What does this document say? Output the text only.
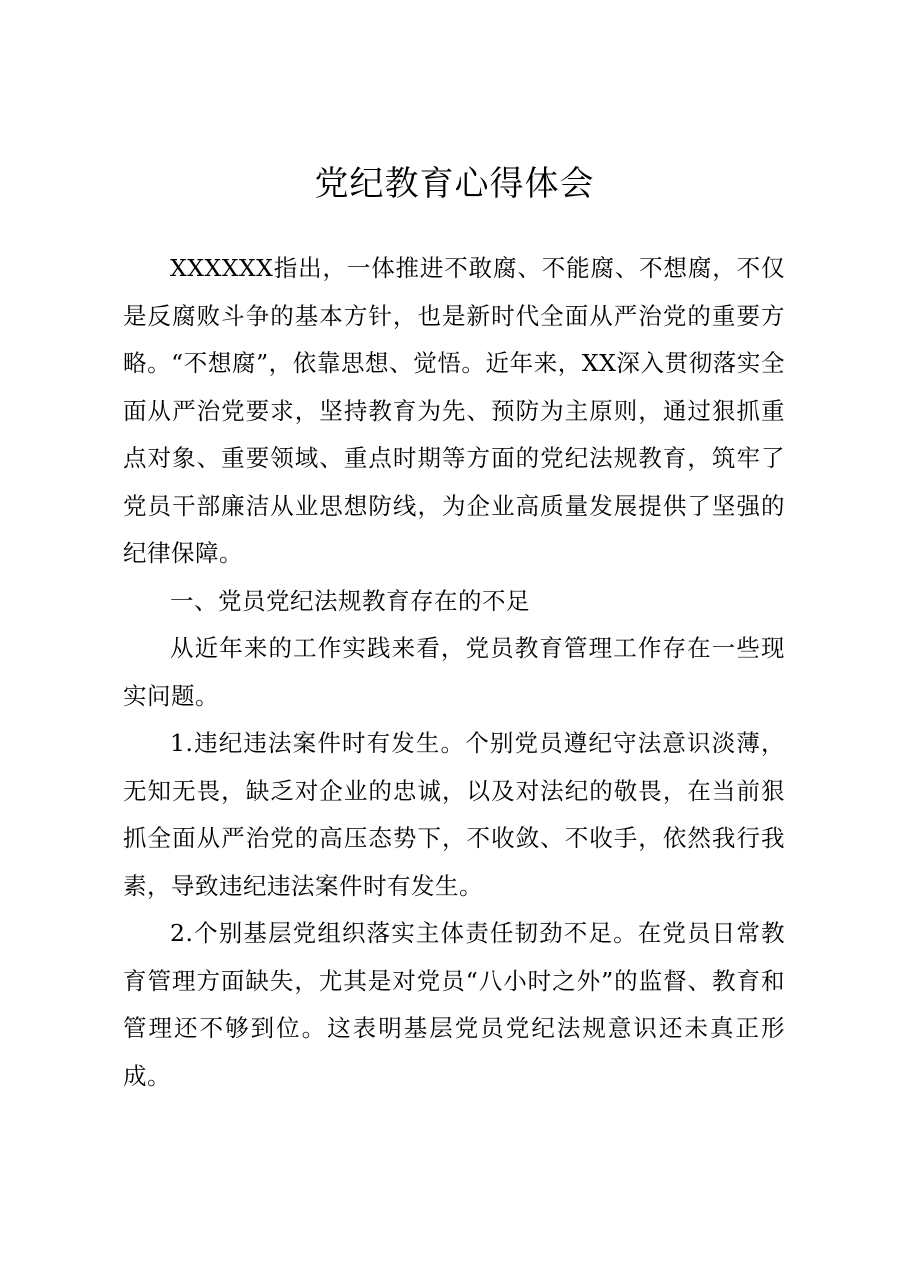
党纪教育心得体会

XXXXXX指出，一体推进不敢腐、不能腐、不想腐，不仅是反腐败斗争的基本方针，也是新时代全面从严治党的重要方略。“不想腐”，依靠思想、觉悟。近年来，XX深入贯彻落实全面从严治党要求，坚持教育为先、预防为主原则，通过狠抓重点对象、重要领域、重点时期等方面的党纪法规教育，筑牢了党员干部廉洁从业思想防线，为企业高质量发展提供了坚强的纪律保障。

一、党员党纪法规教育存在的不足

从近年来的工作实践来看，党员教育管理工作存在一些现实问题。

1.违纪违法案件时有发生。个别党员遵纪守法意识淡薄，无知无畏，缺乏对企业的忠诚，以及对法纪的敬畏，在当前狠抓全面从严治党的高压态势下，不收敛、不收手，依然我行我素，导致违纪违法案件时有发生。

2.个别基层党组织落实主体责任韧劲不足。在党员日常教育管理方面缺失，尤其是对党员“八小时之外”的监督、教育和管理还不够到位。这表明基层党员党纪法规意识还未真正形成。
